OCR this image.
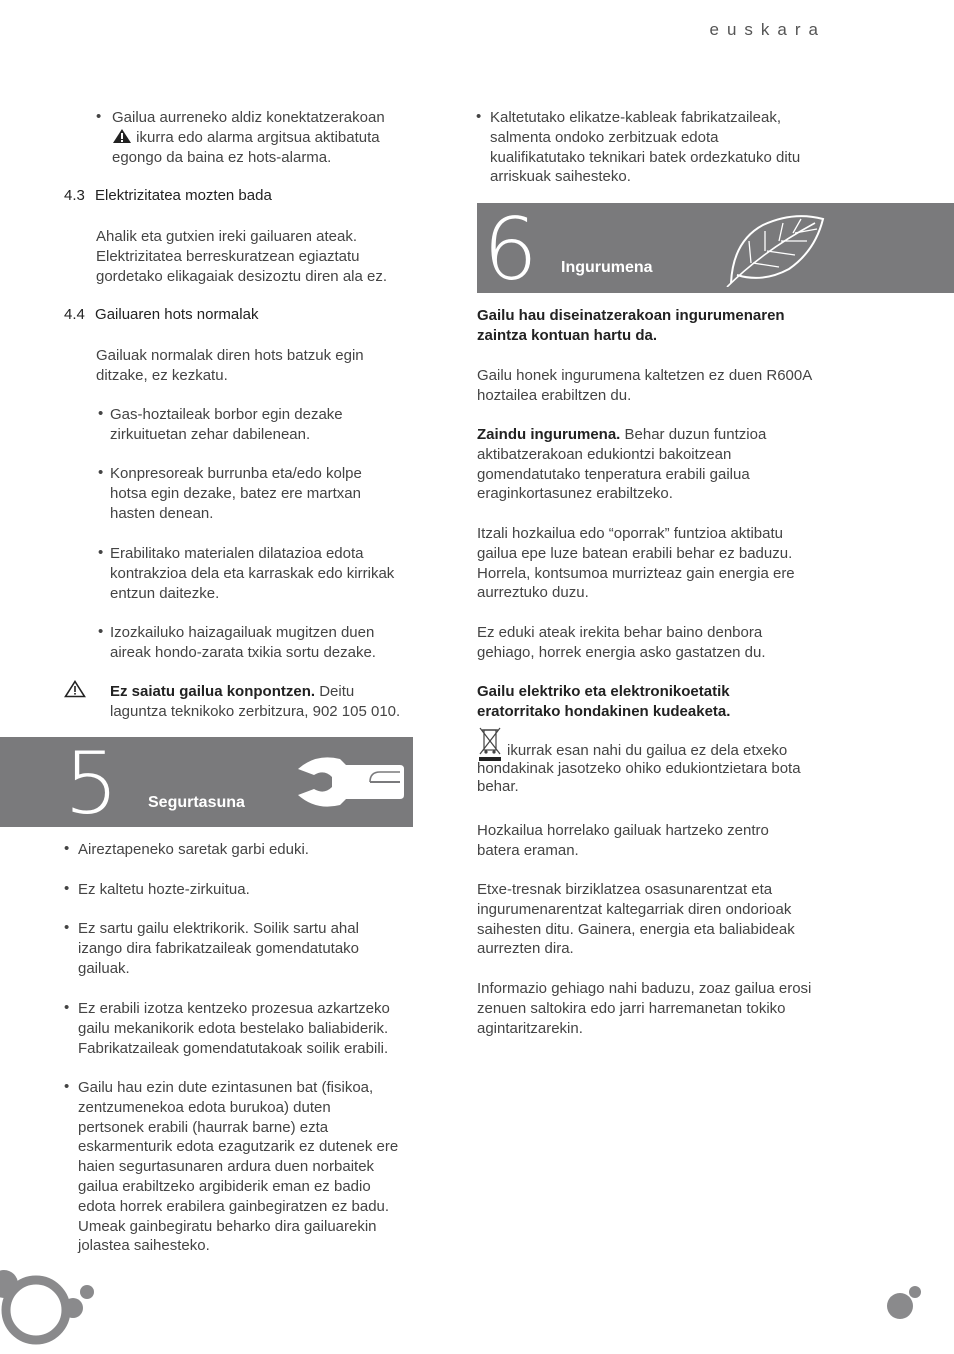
euskara
• Gailua aurreneko aldiz konektatzerakoan

ikurra edo alarma argitsua aktibatuta

egongo da baina ez hots-alarma.

4.3 Elektrizitatea mozten bada

Ahalik eta gutxien ireki gailuaren ateak.

Elektrizitatea berreskuratzean egiaztatu

gordetako elikagaiak desizoztu diren ala ez.

4.4 Gailuaren hots normalak

Gailuak normalak diren hots batzuk egin

ditzake, ez kezkatu.

• Gas-hoztaileak borbor egin dezake

zirkuituetan zehar dabilenean.

• Konpresoreak burrunba eta/edo kolpe

hotsa egin dezake, batez ere martxan

hasten denean.

• Erabilitako materialen dilatazioa edota

kontrakzioa dela eta karraskak edo kirrikak

entzun daitezke.

• Izozkailuko haizagailuak mugitzen duen

aireak hondo-zarata txikia sortu dezake.

Ez saiatu gailua konpontzen. Deitu

laguntza teknikoko zerbitzura, 902 105 010.

5 Segurtasuna
• Aireztapeneko saretak garbi eduki.

• Ez kaltetu hozte-zirkuitua.

• Ez sartu gailu elektrikorik. Soilik sartu ahal

izango dira fabrikatzaileak gomendatutako

gailuak.

• Ez erabili izotza kentzeko prozesua azkartzeko

gailu mekanikorik edota bestelako baliabiderik.

Fabrikatzaileak gomendatutakoak soilik erabili.

• Gailu hau ezin dute ezintasunen bat (fisikoa,

zentzumenekoa edota burukoa) duten

pertsonek erabili (haurrak barne) ezta

eskarmenturik edota ezagutzarik ez dutenek ere

haien segurtasunaren ardura duen norbaitek

gailua erabiltzeko argibiderik eman ez badio

edota horrek erabilera gainbegiratzen ez badu.

Umeak gainbegiratu beharko dira gailuarekin

jolastea saihesteko.

• Kaltetutako elikatze-kableak fabrikatzaileak,

salmenta ondoko zerbitzuak edota

kualifikatutako teknikari batek ordezkatuko ditu

arriskuak saihesteko.

6 Ingurumena

Gailu hau diseinatzerakoan ingurumenaren

zaintza kontuan hartu da.

Gailu honek ingurumena kaltetzen ez duen R600A

hoztailea erabiltzen du.

Zaindu ingurumena. Behar duzun funtzioa

aktibatzerakoan edukiontzi bakoitzean

gomendatutako tenperatura erabili gailua

eraginkortasunez erabiltzeko.

Itzali hozkailua edo “oporrak” funtzioa aktibatu

gailua epe luze batean erabili behar ez baduzu.

Horrela, kontsumoa murrizteaz gain energia ere

aurreztuko duzu.

Ez eduki ateak irekita behar baino denbora

gehiago, horrek energia asko gastatzen du.

Gailu elektriko eta elektronikoetatik

eratorritako hondakinen kudeaketa.

ikurrak esan nahi du gailua ez dela etxeko

hondakinak jasotzeko ohiko edukiontzietara bota

behar.

Hozkailua horrelako gailuak hartzeko zentro

batera eraman.

Etxe-tresnak birziklatzea osasunarentzat eta

ingurumenarentzat kaltegarriak diren ondorioak

saihesten ditu. Gainera, energia eta baliabideak

aurrezten dira.

Informazio gehiago nahi baduzu, zoaz gailua erosi

zenuen saltokira edo jarri harremanetan tokiko

agintaritzarekin.
